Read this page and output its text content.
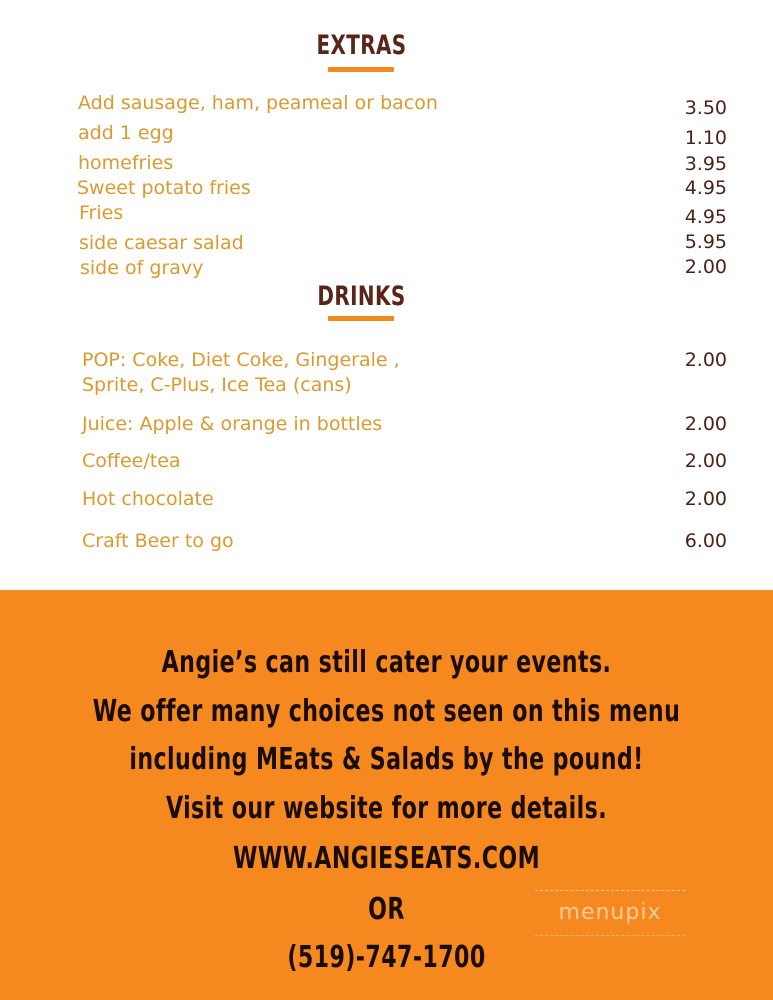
EXTRAS
Add sausage, ham, peameal or bacon	3.50
add 1 egg	1.10
homefries	3.95
Sweet potato fries	4.95
Fries	4.95
side caesar salad	5.95
side of gravy	2.00
DRINKS
POP: Coke, Diet Coke, Gingerale ,
Sprite, C-Plus, Ice Tea (cans)
2.00
Juice: Apple & orange in bottles	2.00
Coffee/tea	2.00
Hot chocolate	2.00
Craft Beer to go	6.00
Angie’s can still cater your events.
We offer many choices not seen on this menu
including MEats & Salads by the pound!
Visit our website for more details.
WWW.ANGIESEATS.COM
OR
(519)-747-1700
menupix
